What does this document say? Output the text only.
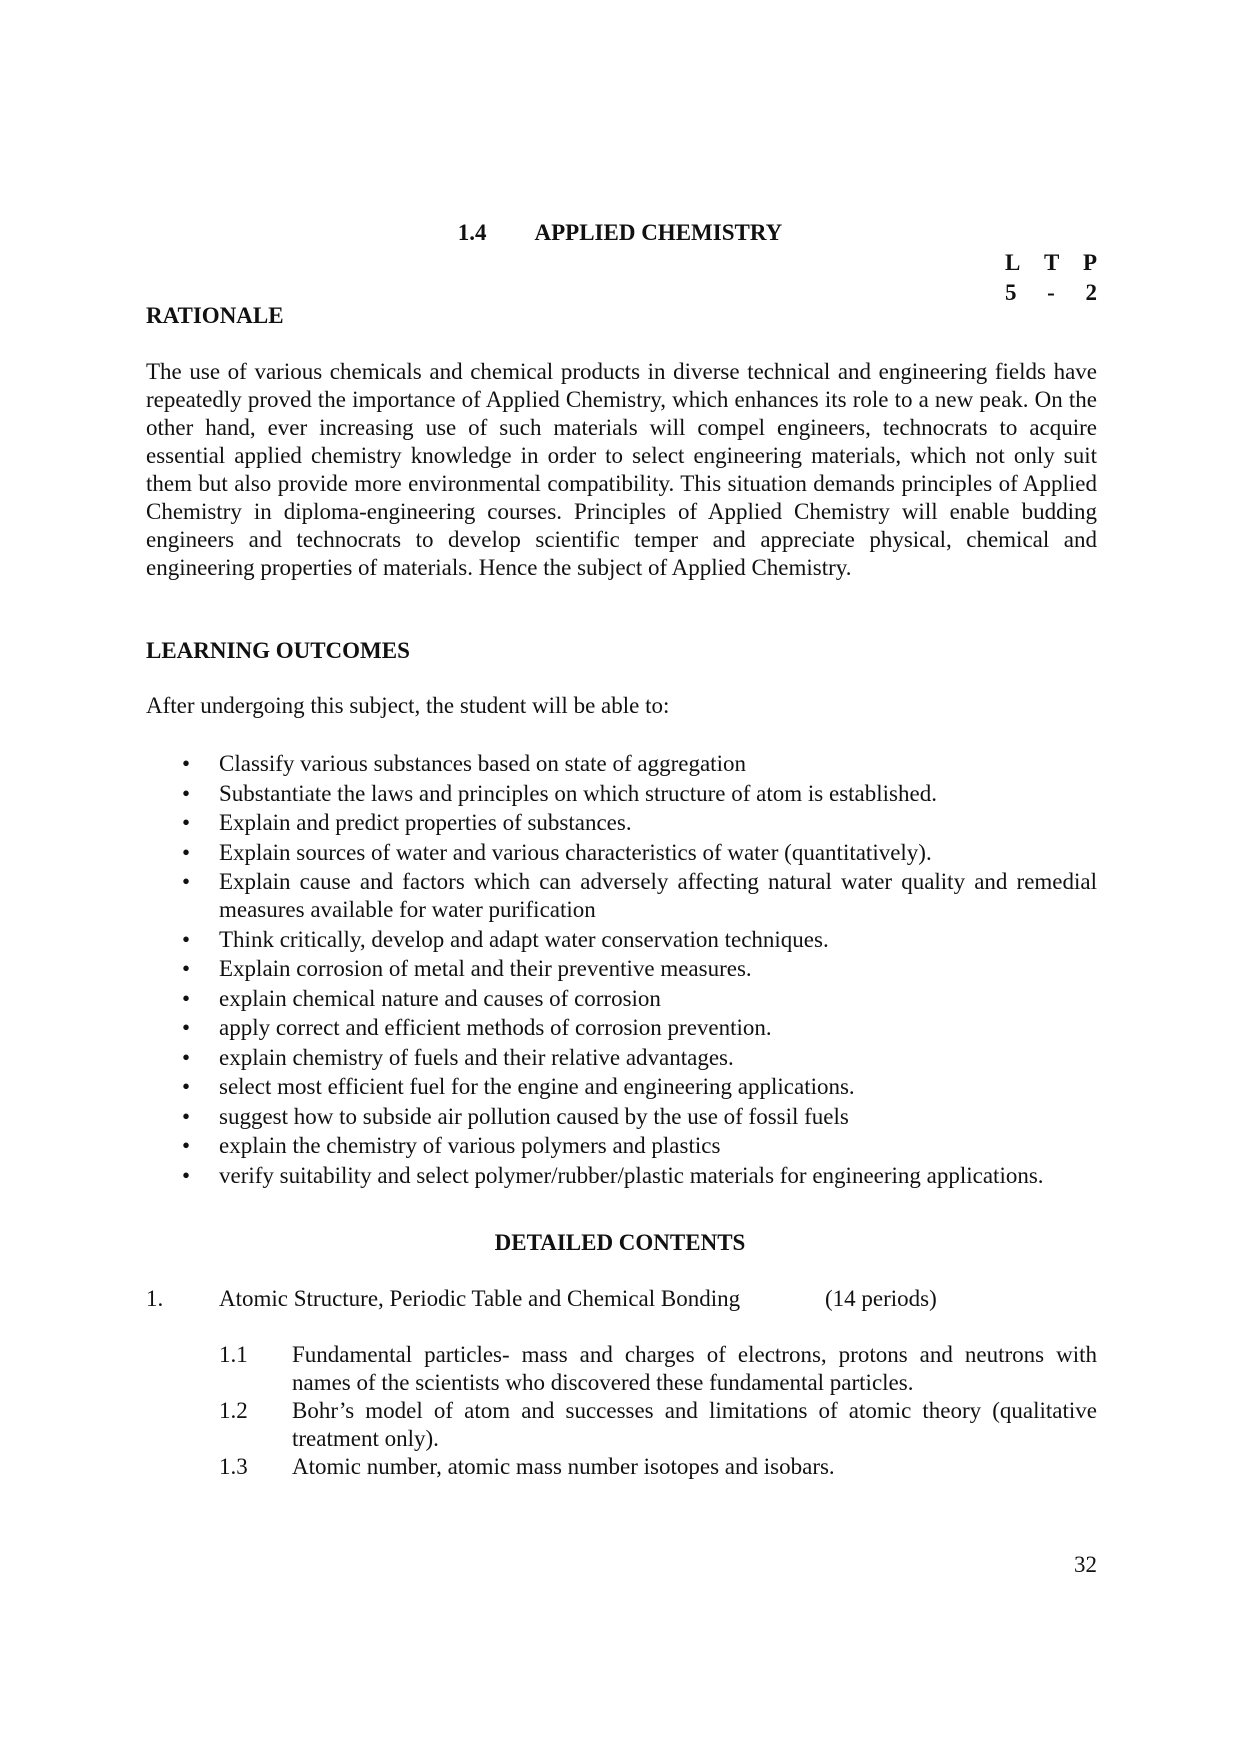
1.4 APPLIED CHEMISTRY
L T P
5 - 2
RATIONALE
The use of various chemicals and chemical products in diverse technical and engineering fields have repeatedly proved the importance of Applied Chemistry, which enhances its role to a new peak. On the other hand, ever increasing use of such materials will compel engineers, technocrats to acquire essential applied chemistry knowledge in order to select engineering materials, which not only suit them but also provide more environmental compatibility. This situation demands principles of Applied Chemistry in diploma-engineering courses. Principles of Applied Chemistry will enable budding engineers and technocrats to develop scientific temper and appreciate physical, chemical and engineering properties of materials. Hence the subject of Applied Chemistry.
LEARNING OUTCOMES
After undergoing this subject, the student will be able to:
• Classify various substances based on state of aggregation
• Substantiate the laws and principles on which structure of atom is established.
• Explain and predict properties of substances.
• Explain sources of water and various characteristics of water (quantitatively).
• Explain cause and factors which can adversely affecting natural water quality and remedial measures available for water purification
• Think critically, develop and adapt water conservation techniques.
• Explain corrosion of metal and their preventive measures.
• explain chemical nature and causes of corrosion
• apply correct and efficient methods of corrosion prevention.
• explain chemistry of fuels and their relative advantages.
• select most efficient fuel for the engine and engineering applications.
• suggest how to subside air pollution caused by the use of fossil fuels
• explain the chemistry of various polymers and plastics
• verify suitability and select polymer/rubber/plastic materials for engineering applications.
DETAILED CONTENTS
1. Atomic Structure, Periodic Table and Chemical Bonding	(14 periods)
1.1 Fundamental particles- mass and charges of electrons, protons and neutrons with names of the scientists who discovered these fundamental particles.
1.2 Bohr’s model of atom and successes and limitations of atomic theory (qualitative treatment only).
1.3 Atomic number, atomic mass number isotopes and isobars.
32
